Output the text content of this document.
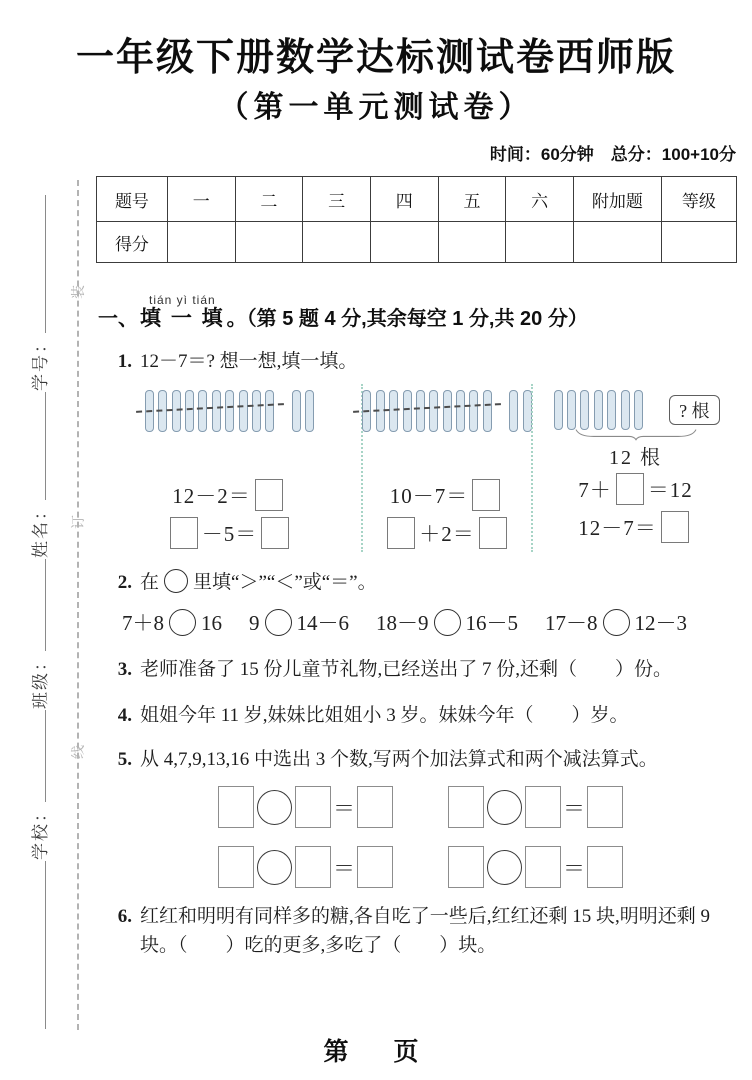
一年级下册数学达标测试卷西师版
（第一单元测试卷）
时间：60分钟　总分：100+10分
装
订
线
学校：
班级：
姓名：
学号：
题号	一	二	三	四	五	六	附加题	等级
得分								
一、
tián yì tián
填 一 填 。（第 5 题 4 分,其余每空 1 分,共 20 分）
1. 12－7＝? 想一想,填一填。
12－2＝
－5＝
10－7＝
＋2＝
? 根
12 根
7＋ ＝12
12－7＝
2. 在 里填“＞”“＜”或“＝”。
7＋8 16 9 14－6 18－9 16－5 17－8 12－3
3. 老师准备了 15 份儿童节礼物,已经送出了 7 份,还剩（　　）份。
4. 姐姐今年 11 岁,妹妹比姐姐小 3 岁。妹妹今年（　　）岁。
5. 从 4,7,9,13,16 中选出 3 个数,写两个加法算式和两个减法算式。
＝	＝
＝	＝
6. 红红和明明有同样多的糖,各自吃了一些后,红红还剩 15 块,明明还剩 9 块。（　　）吃的更多,多吃了（　　）块。
第　页
